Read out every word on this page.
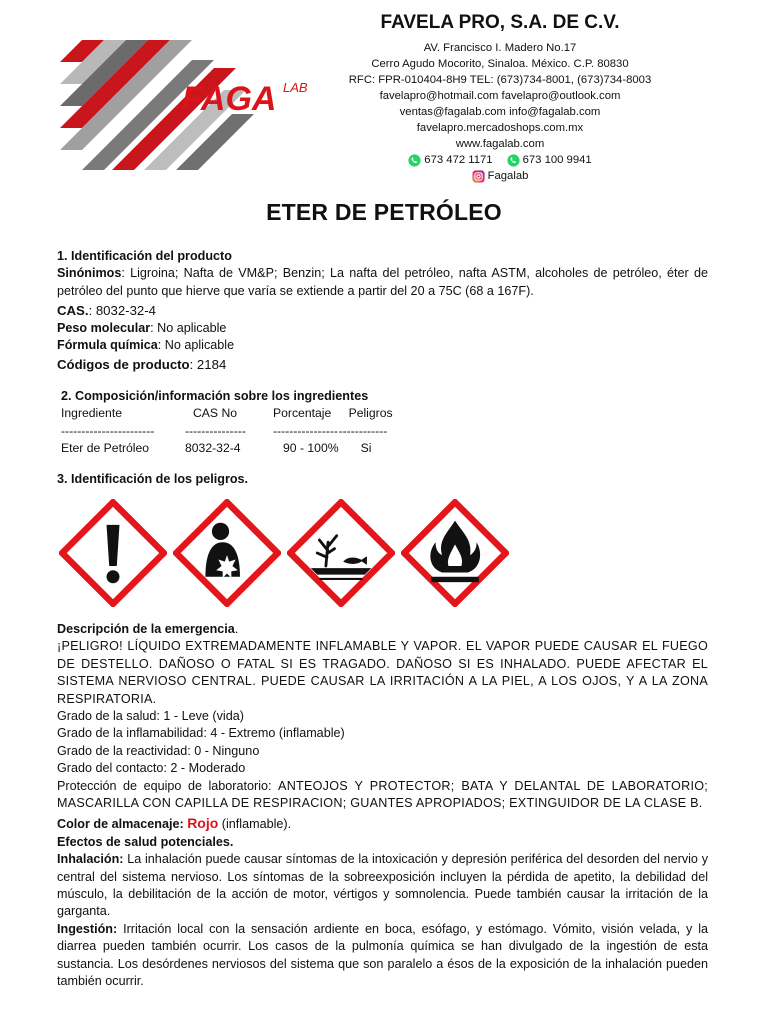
FAGA LAB
FAVELA PRO, S.A. DE C.V.
AV. Francisco I. Madero No.17
Cerro Agudo Mocorito, Sinaloa. México. C.P. 80830
RFC: FPR-010404-8H9 TEL: (673)734-8001, (673)734-8003
favelapro@hotmail.com favelapro@outlook.com
ventas@fagalab.com info@fagalab.com
favelapro.mercadoshops.com.mx
www.fagalab.com
673 472 1171	673 100 9941
Fagalab
ETER DE PETRÓLEO

1. Identificación del producto

Sinónimos: Ligroina; Nafta de VM&P; Benzin; La nafta del petróleo, nafta ASTM, alcoholes de petróleo, éter de petróleo del punto que hierve que varía se extiende a partir del 20 a 75C (68 a 167F).

CAS.: 8032-32-4

Peso molecular: No aplicable

Fórmula química: No aplicable

Códigos de producto: 2184

2. Composición/información sobre los ingredientes

Ingrediente	CAS No	Porcentaje	Peligros
-----------------------	---------------	----------------	------------
Eter de Petróleo	8032-32-4	90 - 100%	Si

3. Identificación de los peligros.

Descripción de la emergencia.

¡PELIGRO! LÍQUIDO EXTREMADAMENTE INFLAMABLE Y VAPOR. EL VAPOR PUEDE CAUSAR EL FUEGO DE DESTELLO. DAÑOSO O FATAL SI ES TRAGADO. DAÑOSO SI ES INHALADO. PUEDE AFECTAR EL SISTEMA NERVIOSO CENTRAL. PUEDE CAUSAR LA IRRITACIÓN A LA PIEL, A LOS OJOS, Y A LA ZONA RESPIRATORIA.

Grado de la salud: 1 - Leve (vida)

Grado de la inflamabilidad: 4 - Extremo (inflamable)

Grado de la reactividad: 0 - Ninguno

Grado del contacto: 2 - Moderado

Protección de equipo de laboratorio: ANTEOJOS Y PROTECTOR; BATA Y DELANTAL DE LABORATORIO; MASCARILLA CON CAPILLA DE RESPIRACION; GUANTES APROPIADOS; EXTINGUIDOR DE LA CLASE B.

Color de almacenaje: Rojo (inflamable).

Efectos de salud potenciales.

Inhalación: La inhalación puede causar síntomas de la intoxicación y depresión periférica del desorden del nervio y central del sistema nervioso. Los síntomas de la sobreexposición incluyen la pérdida de apetito, la debilidad del músculo, la debilitación de la acción de motor, vértigos y somnolencia. Puede también causar la irritación de la garganta.

Ingestión: Irritación local con la sensación ardiente en boca, esófago, y estómago. Vómito, visión velada, y la diarrea pueden también ocurrir. Los casos de la pulmonía química se han divulgado de la ingestión de esta sustancia. Los desórdenes nerviosos del sistema que son paralelo a ésos de la exposición de la inhalación pueden también ocurrir.
